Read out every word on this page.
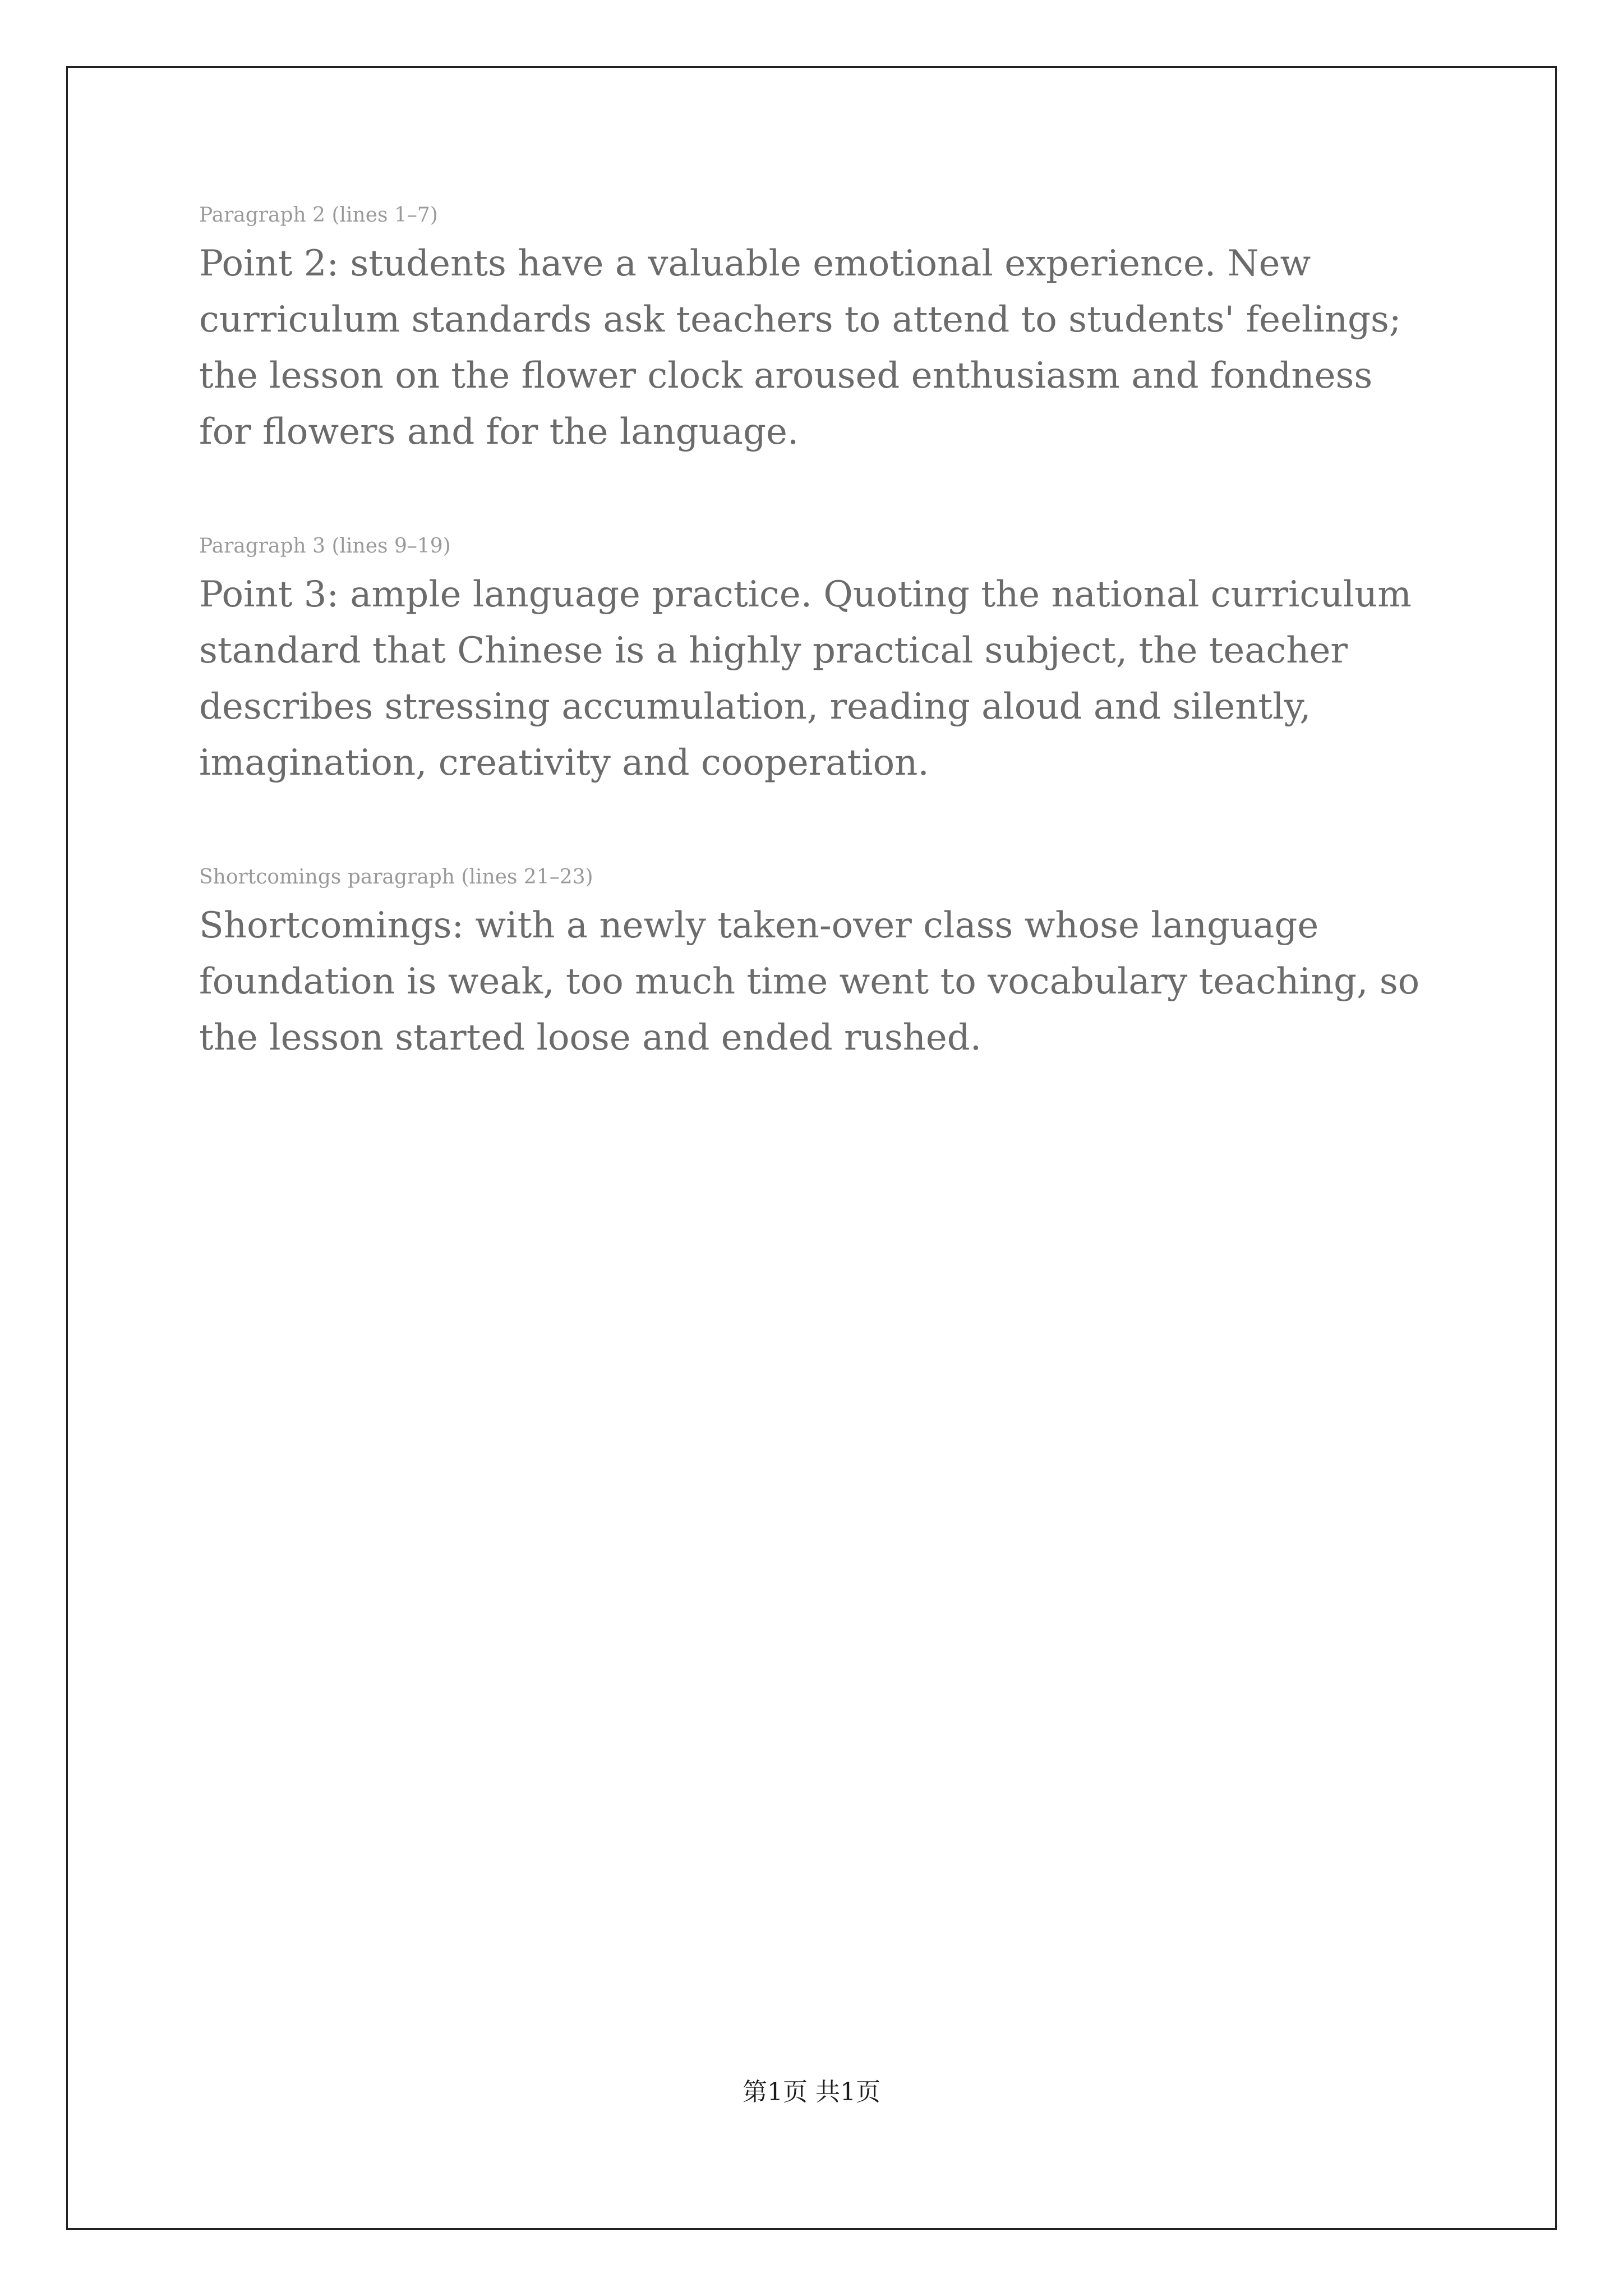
Paragraph 2 (lines 1–7)
Point 2: students have a valuable emotional experience. New curriculum standards ask teachers to attend to students' feelings; the lesson on the flower clock aroused enthusiasm and fondness for flowers and for the language.

Paragraph 3 (lines 9–19)
Point 3: ample language practice. Quoting the national curriculum standard that Chinese is a highly practical subject, the teacher describes stressing accumulation, reading aloud and silently, imagination, creativity and cooperation.

Shortcomings paragraph (lines 21–23)
Shortcomings: with a newly taken-over class whose language foundation is weak, too much time went to vocabulary teaching, so the lesson started loose and ended rushed.

第1页 共1页
